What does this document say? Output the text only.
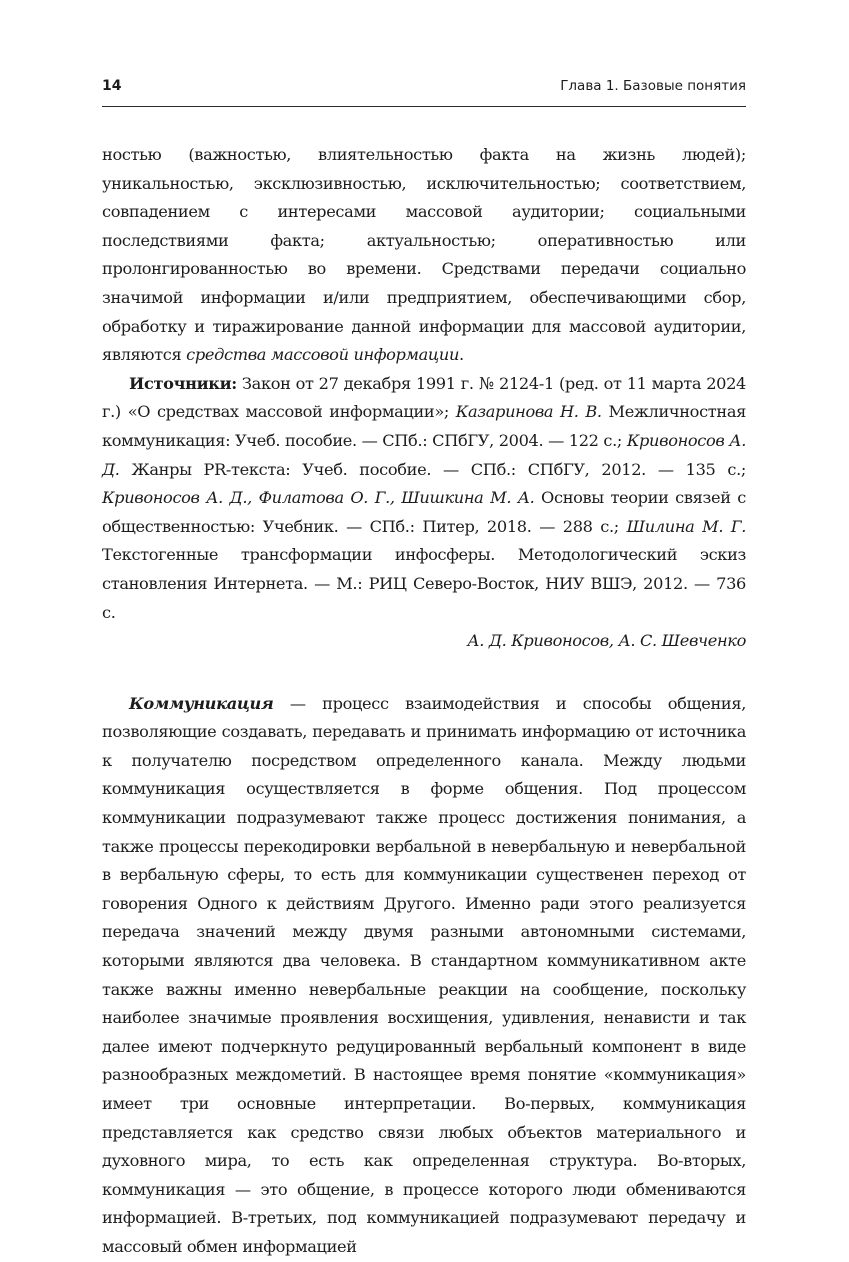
14	Глава 1. Базовые понятия

ностью (важностью, влиятельностью факта на жизнь людей); уникальностью, эксклюзивностью, исключительностью; соответствием, совпадением с интересами массовой аудитории; социальными последствиями факта; актуальностью; оперативностью или пролонгированностью во времени. Средствами передачи социально значимой информации и/или предприятием, обеспечивающими сбор, обработку и тиражирование данной информации для массовой аудитории, являются средства массовой информации.

Источники: Закон от 27 декабря 1991 г. № 2124-1 (ред. от 11 марта 2024 г.) «О средствах массовой информации»; Казаринова Н. В. Межличностная коммуникация: Учеб. пособие. — СПб.: СПбГУ, 2004. — 122 с.; Кривоносов А. Д. Жанры PR-текста: Учеб. пособие. — СПб.: СПбГУ, 2012. — 135 с.; Кривоносов А. Д., Филатова О. Г., Шишкина М. А. Основы теории связей с общественностью: Учебник. — СПб.: Питер, 2018. — 288 с.; Шилина М. Г. Текстогенные трансформации инфосферы. Методологический эскиз становления Интернета. — М.: РИЦ Северо-Восток, НИУ ВШЭ, 2012. — 736 с.

А. Д. Кривоносов, А. С. Шевченко

Коммуникация — процесс взаимодействия и способы общения, позволяющие создавать, передавать и принимать информацию от источника к получателю посредством определенного канала. Между людьми коммуникация осуществляется в форме общения. Под процессом коммуникации подразумевают также процесс достижения понимания, а также процессы перекодировки вербальной в невербальную и невербальной в вербальную сферы, то есть для коммуникации существенен переход от говорения Одного к действиям Другого. Именно ради этого реализуется передача значений между двумя разными автономными системами, которыми являются два человека. В стандартном коммуникативном акте также важны именно невербальные реакции на сообщение, поскольку наиболее значимые проявления восхищения, удивления, ненависти и так далее имеют подчеркнуто редуцированный вербальный компонент в виде разнообразных междометий. В настоящее время понятие «коммуникация» имеет три основные интерпретации. Во-первых, коммуникация представляется как средство связи любых объектов материального и духовного мира, то есть как определенная структура. Во-вторых, коммуникация — это общение, в процессе которого люди обмениваются информацией. В-третьих, под коммуникацией подразумевают передачу и массовый обмен информацией
